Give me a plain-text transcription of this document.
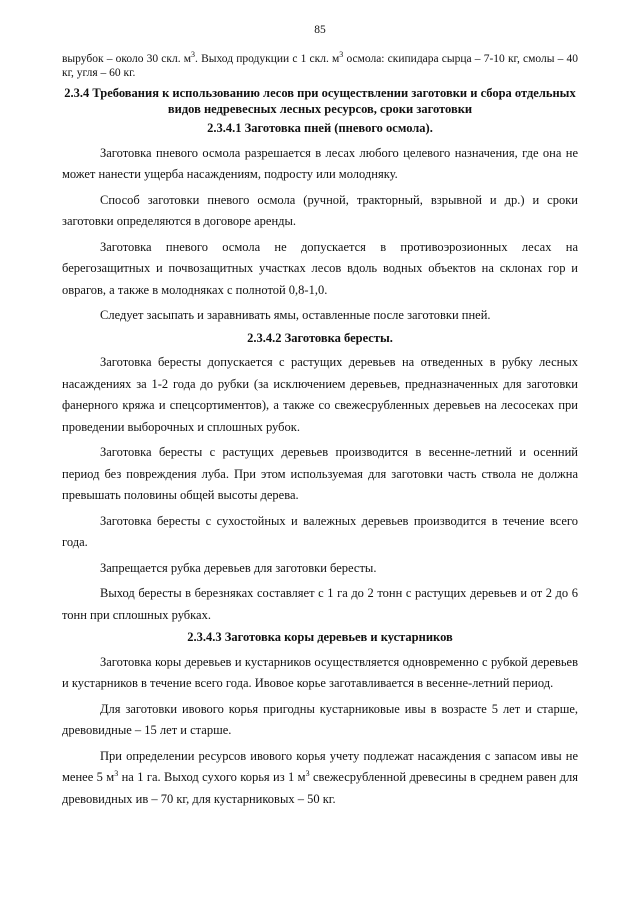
85

вырубок – около 30 скл. $м^3$. Выход продукции с 1 скл. $м^3$ осмола: скипидара сырца – 7-10 кг, смолы – 40 кг, угля – 60 кг.

2.3.4 Требования к использованию лесов при осуществлении заготовки и сбора отдельных видов недревесных лесных ресурсов, сроки заготовки
2.3.4.1 Заготовка пней (пневого осмола).

Заготовка пневого осмола разрешается в лесах любого целевого назначения, где она не может нанести ущерба насаждениям, подросту или молодняку.

Способ заготовки пневого осмола (ручной, тракторный, взрывной и др.) и сроки заготовки определяются в договоре аренды.

Заготовка пневого осмола не допускается в противоэрозионных лесах на берегозащитных и почвозащитных участках лесов вдоль водных объектов на склонах гор и оврагов, а также в молодняках с полнотой 0,8-1,0.

Следует засыпать и заравнивать ямы, оставленные после заготовки пней.

2.3.4.2 Заготовка бересты.

Заготовка бересты допускается с растущих деревьев на отведенных в рубку лесных насаждениях за 1-2 года до рубки (за исключением деревьев, предназначенных для заготовки фанерного кряжа и спецсортиментов), а также со свежесрубленных деревьев на лесосеках при проведении выборочных и сплошных рубок.

Заготовка бересты с растущих деревьев производится в весенне-летний и осенний период без повреждения луба. При этом используемая для заготовки часть ствола не должна превышать половины общей высоты дерева.

Заготовка бересты с сухостойных и валежных деревьев производится в течение всего года.

Запрещается рубка деревьев для заготовки бересты.

Выход бересты в березняках составляет с 1 га до 2 тонн с растущих деревьев и от 2 до 6 тонн при сплошных рубках.

2.3.4.3 Заготовка коры деревьев и кустарников

Заготовка коры деревьев и кустарников осуществляется одновременно с рубкой деревьев и кустарников в течение всего года. Ивовое корье заготавливается в весенне-летний период.

Для заготовки ивового корья пригодны кустарниковые ивы в возрасте 5 лет и старше, древовидные – 15 лет и старше.

При определении ресурсов ивового корья учету подлежат насаждения с запасом ивы не менее 5 $м^3$ на 1 га. Выход сухого корья из 1 $м^3$ свежесрубленной древесины в среднем равен для древовидных ив – 70 кг, для кустарниковых – 50 кг.
